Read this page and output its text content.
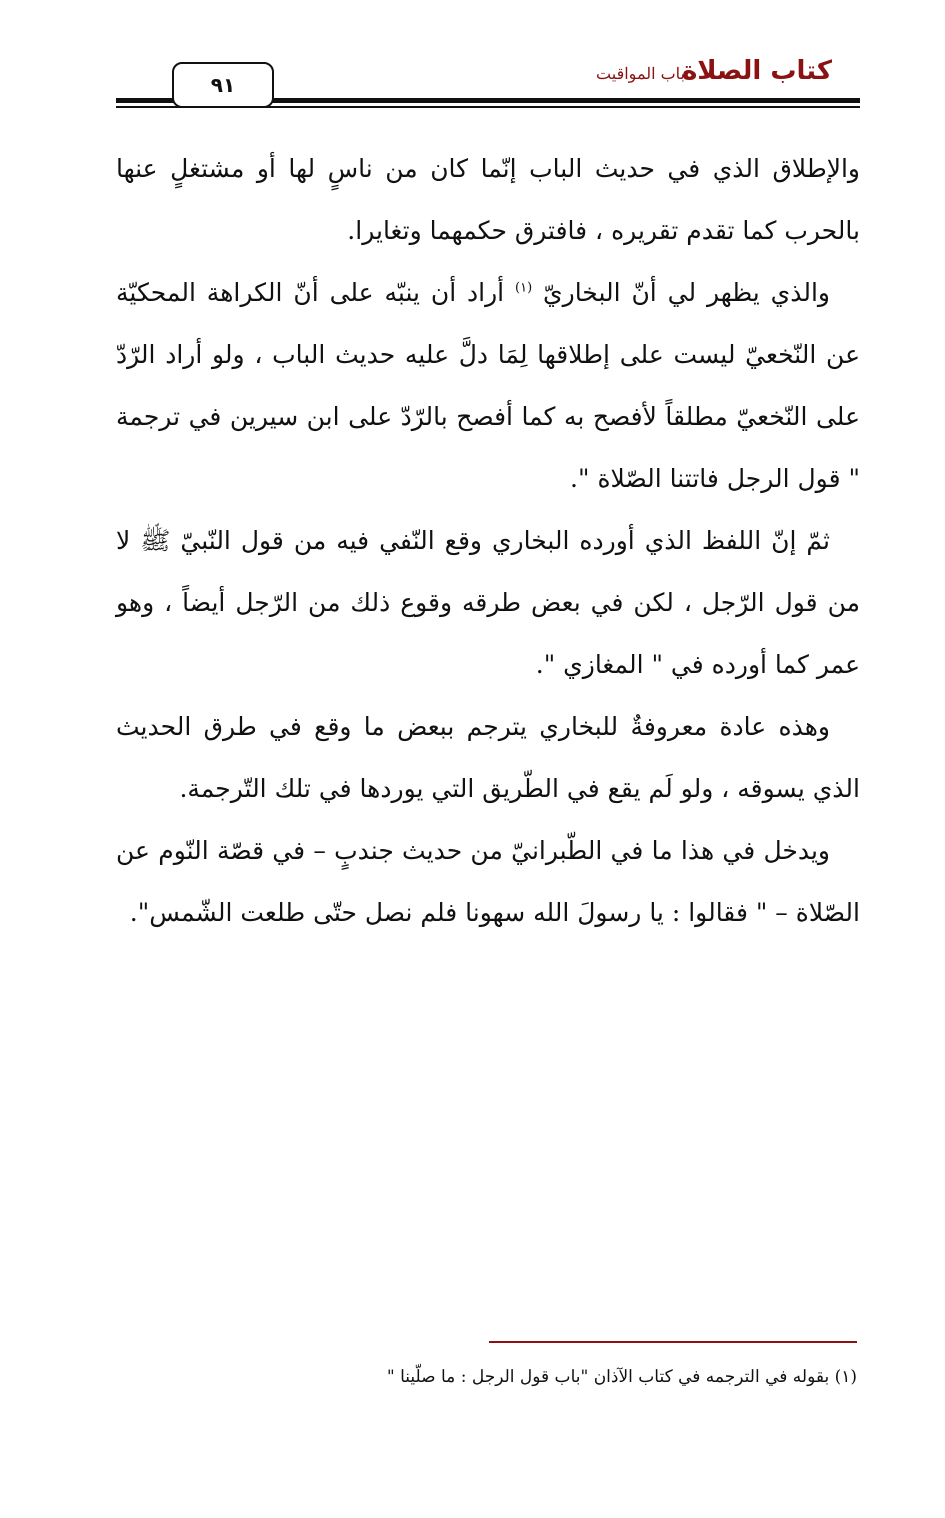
٩١	باب المواقيت
كتاب الصلاة

والإطلاق الذي في حديث الباب إنّما كان من ناسٍ لها أو مشتغلٍ عنها بالحرب كما تقدم تقريره ، فافترق حكمهما وتغايرا.

والذي يظهر لي أنّ البخاريّ $^{(١)}$ أراد أن ينبّه على أنّ الكراهة المحكيّة عن النّخعيّ ليست على إطلاقها لِمَا دلَّ عليه حديث الباب ، ولو أراد الرّدّ على النّخعيّ مطلقاً لأفصح به كما أفصح بالرّدّ على ابن سيرين في ترجمة " قول الرجل فاتتنا الصّلاة ".

ثمّ إنّ اللفظ الذي أورده البخاري وقع النّفي فيه من قول النّبيّ ﷺ لا من قول الرّجل ، لكن في بعض طرقه وقوع ذلك من الرّجل أيضاً ، وهو عمر كما أورده في " المغازي ".

وهذه عادة معروفةٌ للبخاري يترجم ببعض ما وقع في طرق الحديث الذي يسوقه ، ولو لَم يقع في الطّريق التي يوردها في تلك التّرجمة.

ويدخل في هذا ما في الطّبرانيّ من حديث جندبٍ – في قصّة النّوم عن الصّلاة – " فقالوا : يا رسولَ الله سهونا فلم نصل حتّى طلعت الشّمس".

(١) بقوله في الترجمه في كتاب الآذان "باب قول الرجل : ما صلّينا "
